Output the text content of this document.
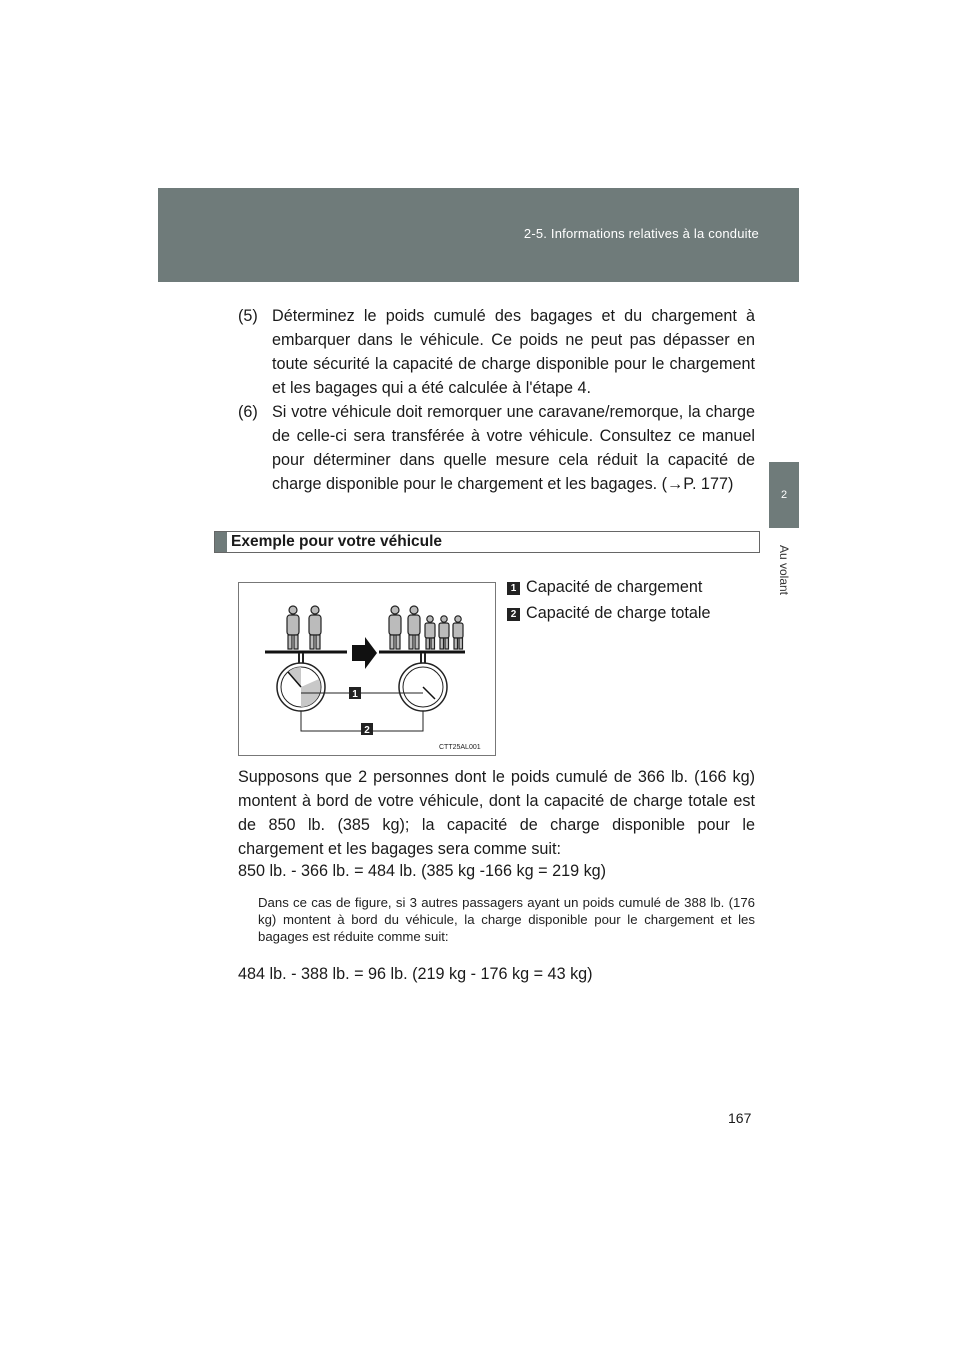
2-5. Informations relatives à la conduite
2
Au volant
(5) Déterminez le poids cumulé des bagages et du chargement à embarquer dans le véhicule. Ce poids ne peut pas dépasser en toute sécurité la capacité de charge disponible pour le chargement et les bagages qui a été calculée à l'étape 4.
(6) Si votre véhicule doit remorquer une caravane/remorque, la charge de celle-ci sera transférée à votre véhicule. Consultez ce manuel pour déterminer dans quelle mesure cela réduit la capacité de charge disponible pour le chargement et les bagages. (→P. 177)
Exemple pour votre véhicule
1
2
CTT25AL001
1 Capacité de chargement
2 Capacité de charge totale
Supposons que 2 personnes dont le poids cumulé de 366 lb. (166 kg) montent à bord de votre véhicule, dont la capacité de charge totale est de 850 lb. (385 kg); la capacité de charge disponible pour le chargement et les bagages sera comme suit:
850 lb. - 366 lb. = 484 lb. (385 kg -166 kg = 219 kg)
Dans ce cas de figure, si 3 autres passagers ayant un poids cumulé de 388 lb. (176 kg) montent à bord du véhicule, la charge disponible pour le chargement et les bagages est réduite comme suit:
484 lb. - 388 lb. = 96 lb. (219 kg - 176 kg = 43 kg)
167
